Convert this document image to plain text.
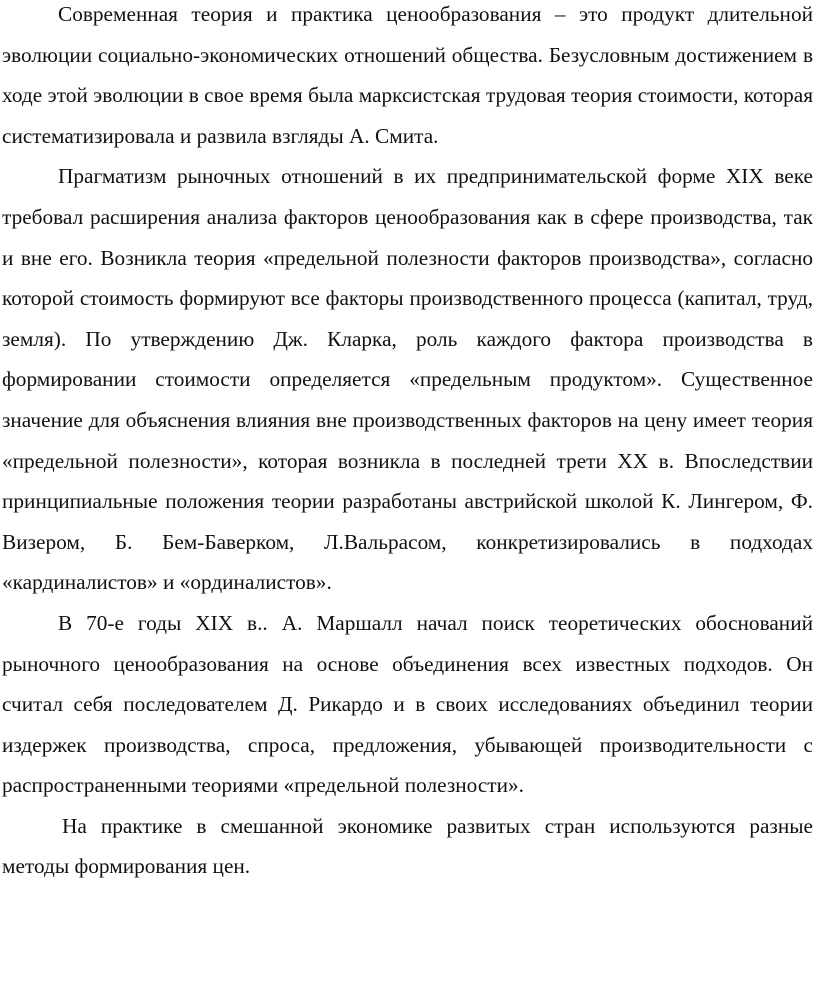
Современная теория и практика ценообразования – это продукт длительной эволюции социально-экономических отношений общества. Безусловным достижением в ходе этой эволюции в свое время была марксистская трудовая теория стоимости, которая систематизировала и развила взгляды А. Смита.

Прагматизм рыночных отношений в их предпринимательской форме XIX веке требовал расширения анализа факторов ценообразования как в сфере производства, так и вне его. Возникла теория «предельной полезности факторов производства», согласно которой стоимость формируют все факторы производственного процесса (капитал, труд, земля). По утверждению Дж. Кларка, роль каждого фактора производства в формировании стоимости определяется «предельным продуктом». Существенное значение для объяснения влияния вне производственных факторов на цену имеет теория «предельной полезности», которая возникла в последней трети XX в. Впоследствии принципиальные положения теории разработаны австрийской школой К. Лингером, Ф. Визером, Б. Бем-Баверком, Л.Вальрасом, конкретизировались в подходах «кардиналистов» и «ординалистов».

В 70-е годы XIX в.. А. Маршалл начал поиск теоретических обоснований рыночного ценообразования на основе объединения всех известных подходов. Он считал себя последователем Д. Рикардо и в своих исследованиях объединил теории издержек производства, спроса, предложения, убывающей производительности с распространенными теориями «предельной полезности».

На практике в смешанной экономике развитых стран используются разные методы формирования цен.
